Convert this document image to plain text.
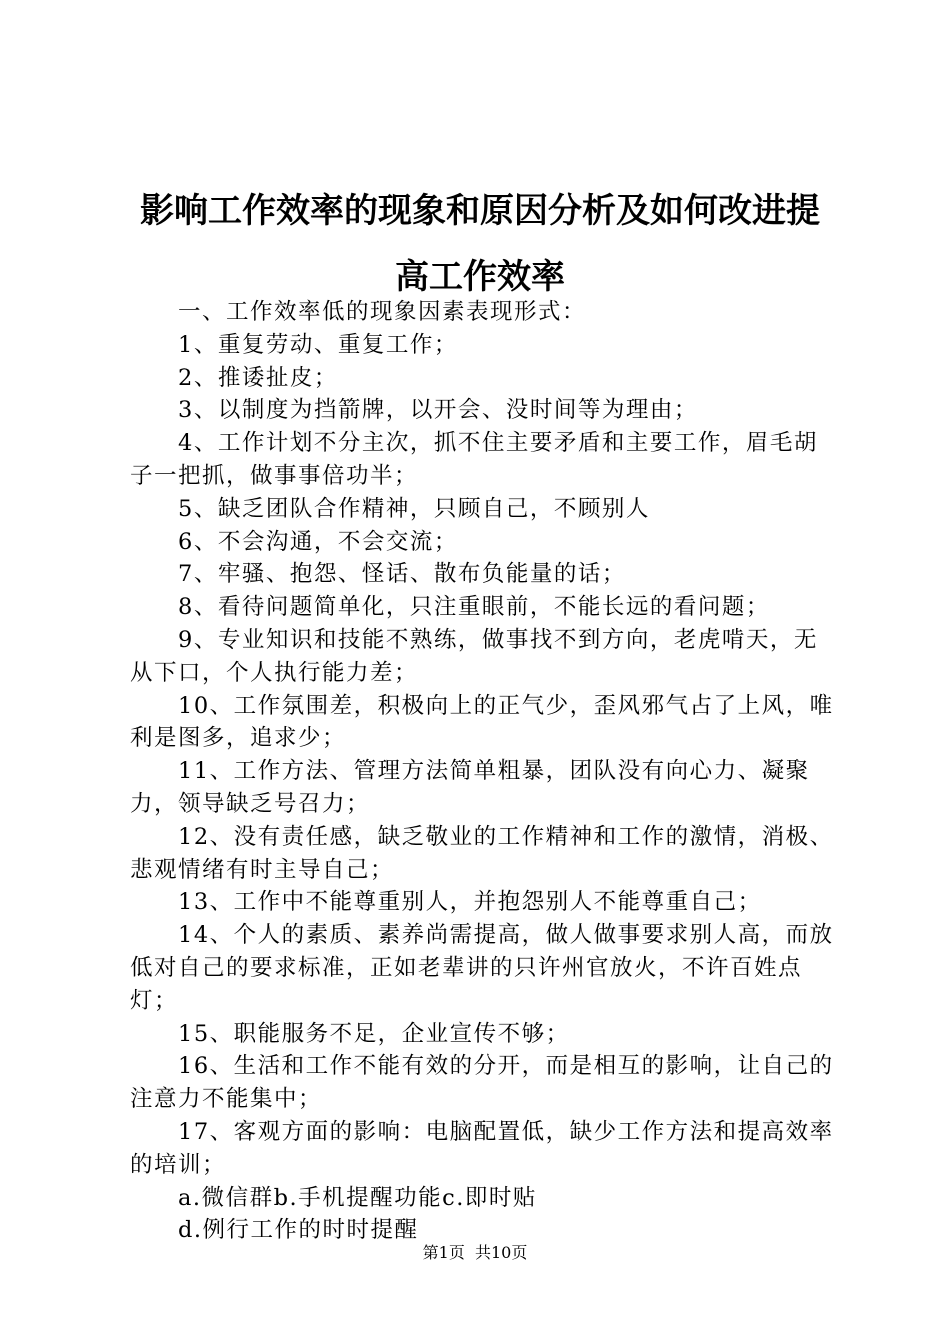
影响工作效率的现象和原因分析及如何改进提
高工作效率

一、工作效率低的现象因素表现形式：

1、重复劳动、重复工作；

2、推诿扯皮；

3、以制度为挡箭牌，以开会、没时间等为理由；

4、工作计划不分主次，抓不住主要矛盾和主要工作，眉毛胡子一把抓，做事事倍功半；

5、缺乏团队合作精神，只顾自己，不顾别人

6、不会沟通，不会交流；

7、牢骚、抱怨、怪话、散布负能量的话；

8、看待问题简单化，只注重眼前，不能长远的看问题；

9、专业知识和技能不熟练，做事找不到方向，老虎啃天，无从下口，个人执行能力差；

10、工作氛围差，积极向上的正气少，歪风邪气占了上风，唯利是图多，追求少；

11、工作方法、管理方法简单粗暴，团队没有向心力、凝聚力，领导缺乏号召力；

12、没有责任感，缺乏敬业的工作精神和工作的激情，消极、悲观情绪有时主导自己；

13、工作中不能尊重别人，并抱怨别人不能尊重自己；

14、个人的素质、素养尚需提高，做人做事要求别人高，而放低对自己的要求标准，正如老辈讲的只许州官放火，不许百姓点灯；

15、职能服务不足，企业宣传不够；

16、生活和工作不能有效的分开，而是相互的影响，让自己的注意力不能集中；

17、客观方面的影响：电脑配置低，缺少工作方法和提高效率的培训；

a.微信群b.手机提醒功能c.即时贴

d.例行工作的时时提醒

第1页  共10页
